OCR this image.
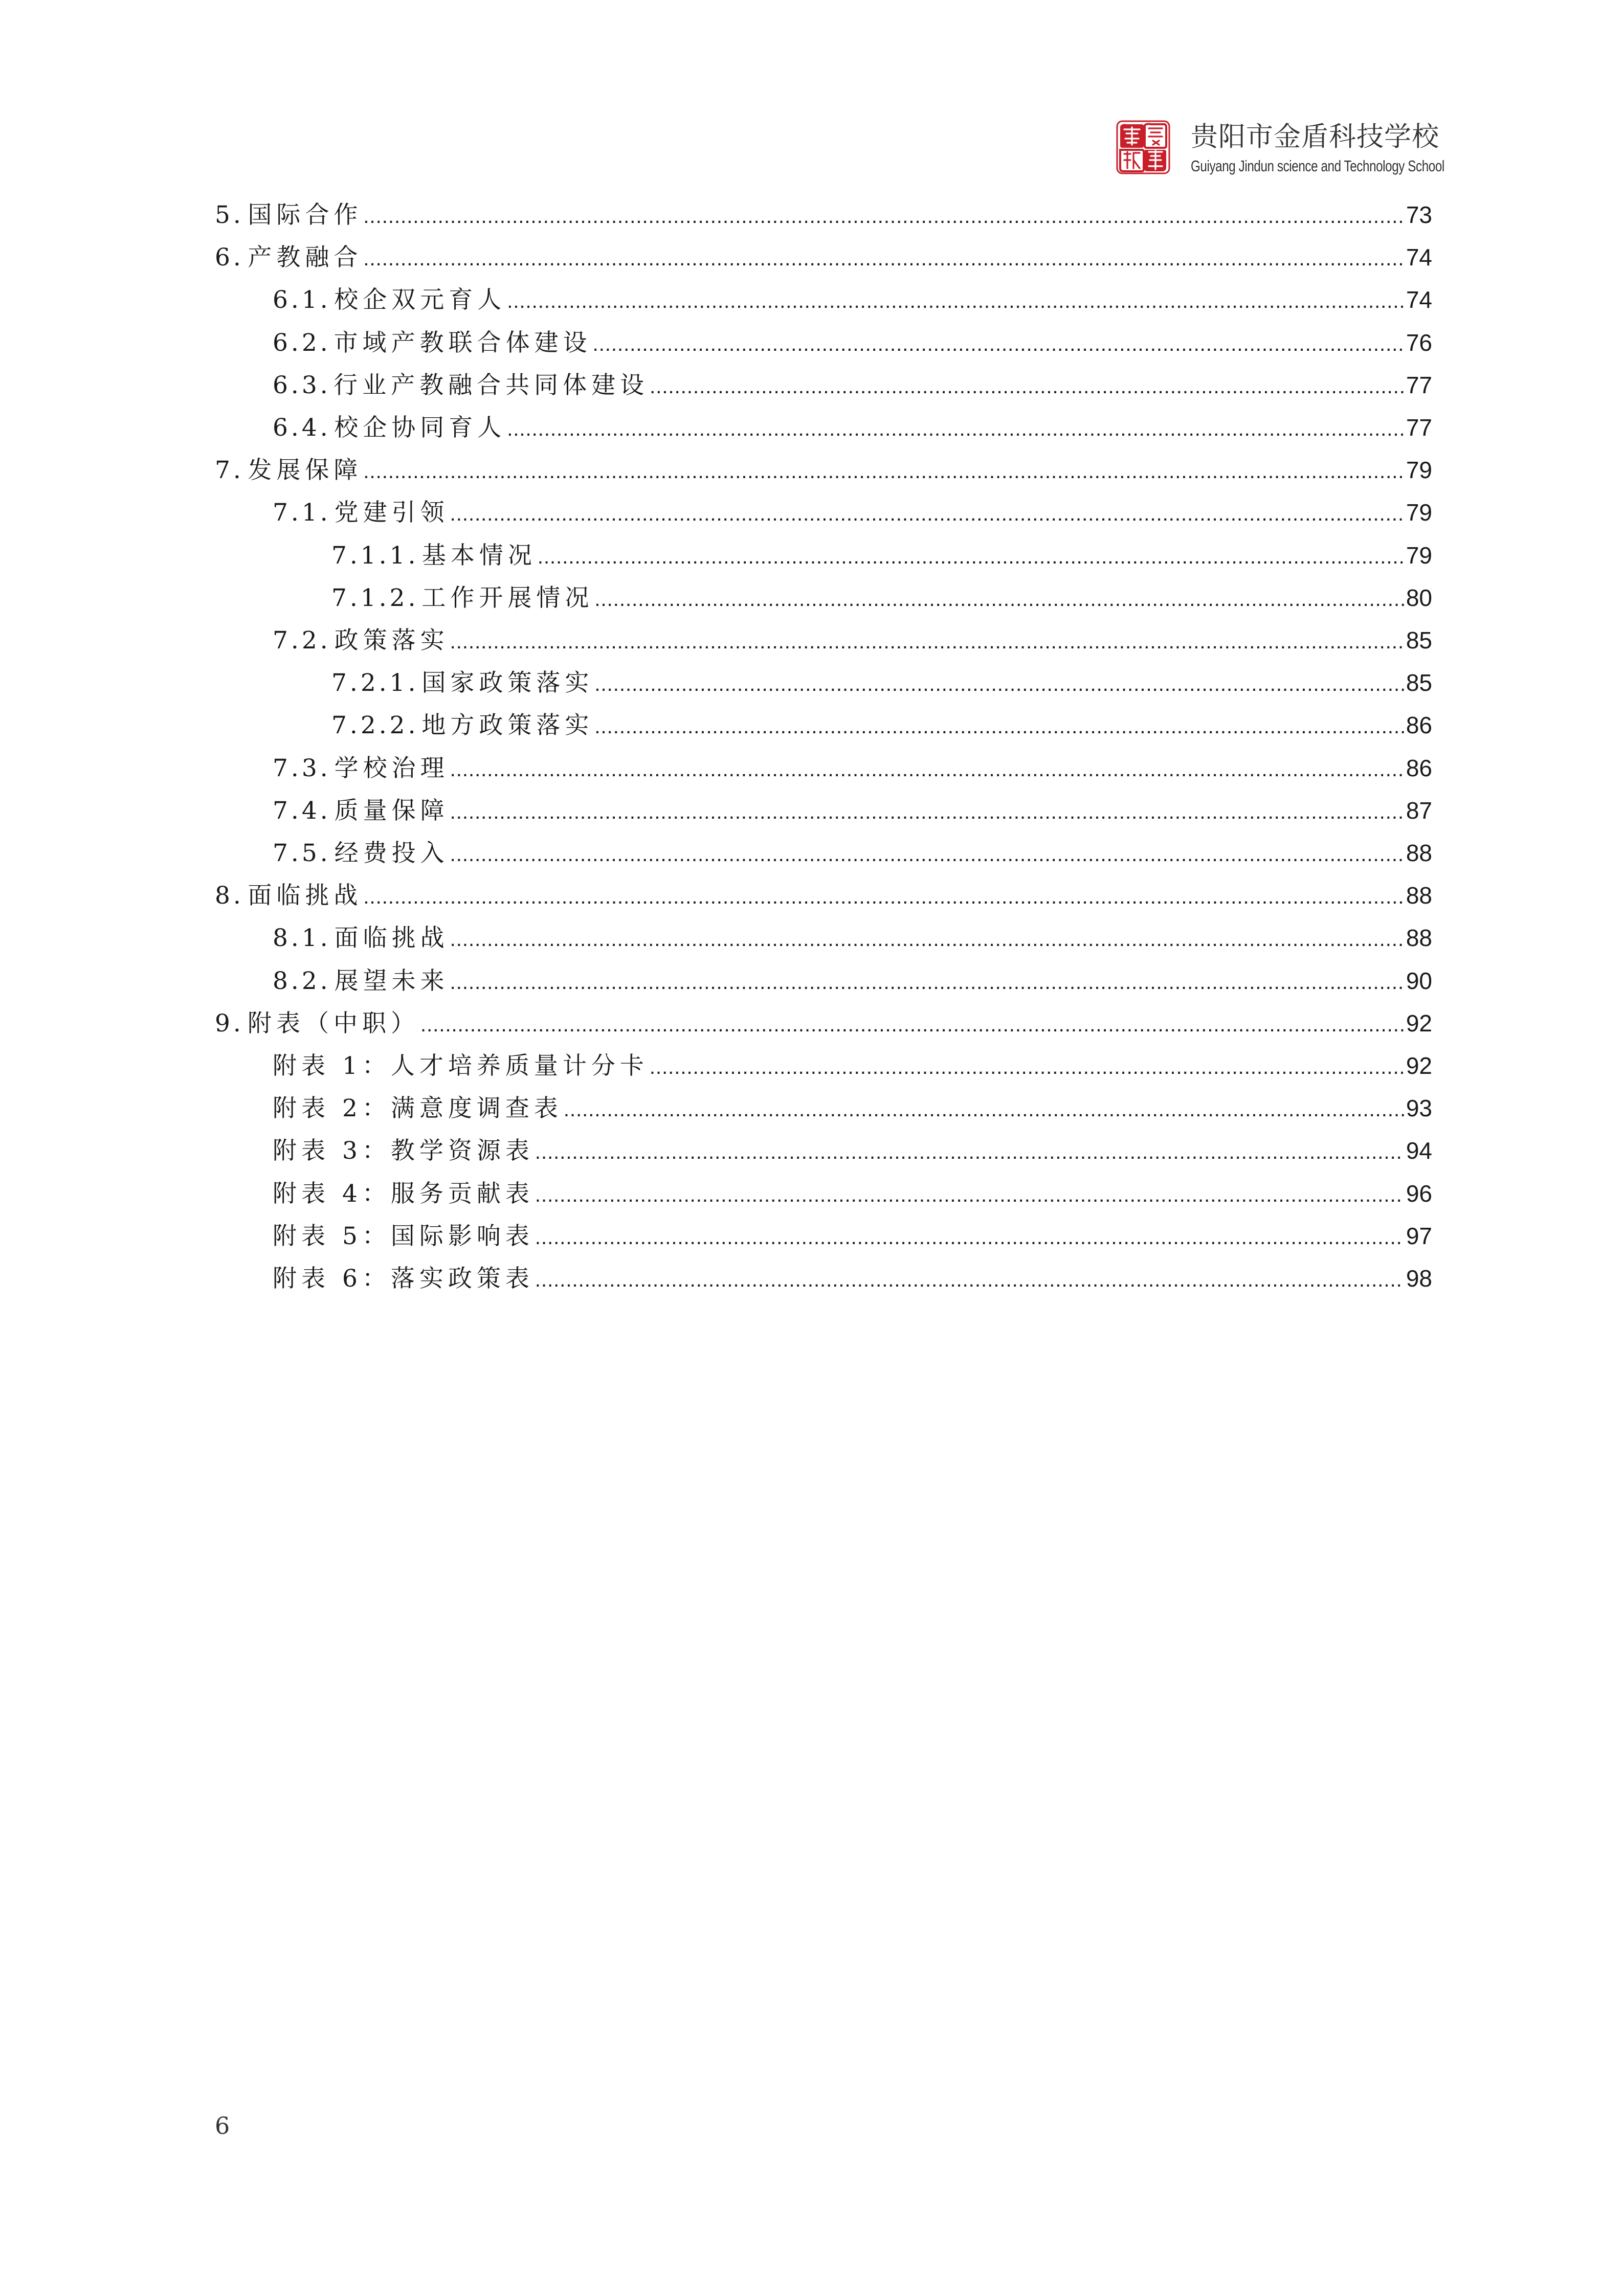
贵阳市金盾科技学校
Guiyang Jindun science and Technology School
5. 国际合作 .....	73
6. 产教融合 .....	74
6.1. 校企双元育人 .....	74
6.2. 市域产教联合体建设 .....	76
6.3. 行业产教融合共同体建设 .....	77
6.4. 校企协同育人 .....	77
7. 发展保障 .....	79
7.1. 党建引领 .....	79
7.1.1. 基本情况 .....	79
7.1.2. 工作开展情况 .....	80
7.2. 政策落实 .....	85
7.2.1. 国家政策落实 .....	85
7.2.2. 地方政策落实 .....	86
7.3. 学校治理 .....	86
7.4. 质量保障 .....	87
7.5. 经费投入 .....	88
8. 面临挑战 .....	88
8.1. 面临挑战 .....	88
8.2. 展望未来 .....	90
9. 附表（中职） .....	92
附表 1：人才培养质量计分卡 .....	92
附表 2：满意度调查表 .....	93
附表 3：教学资源表 .....	94
附表 4：服务贡献表 .....	96
附表 5：国际影响表 .....	97
附表 6：落实政策表 .....	98
6
